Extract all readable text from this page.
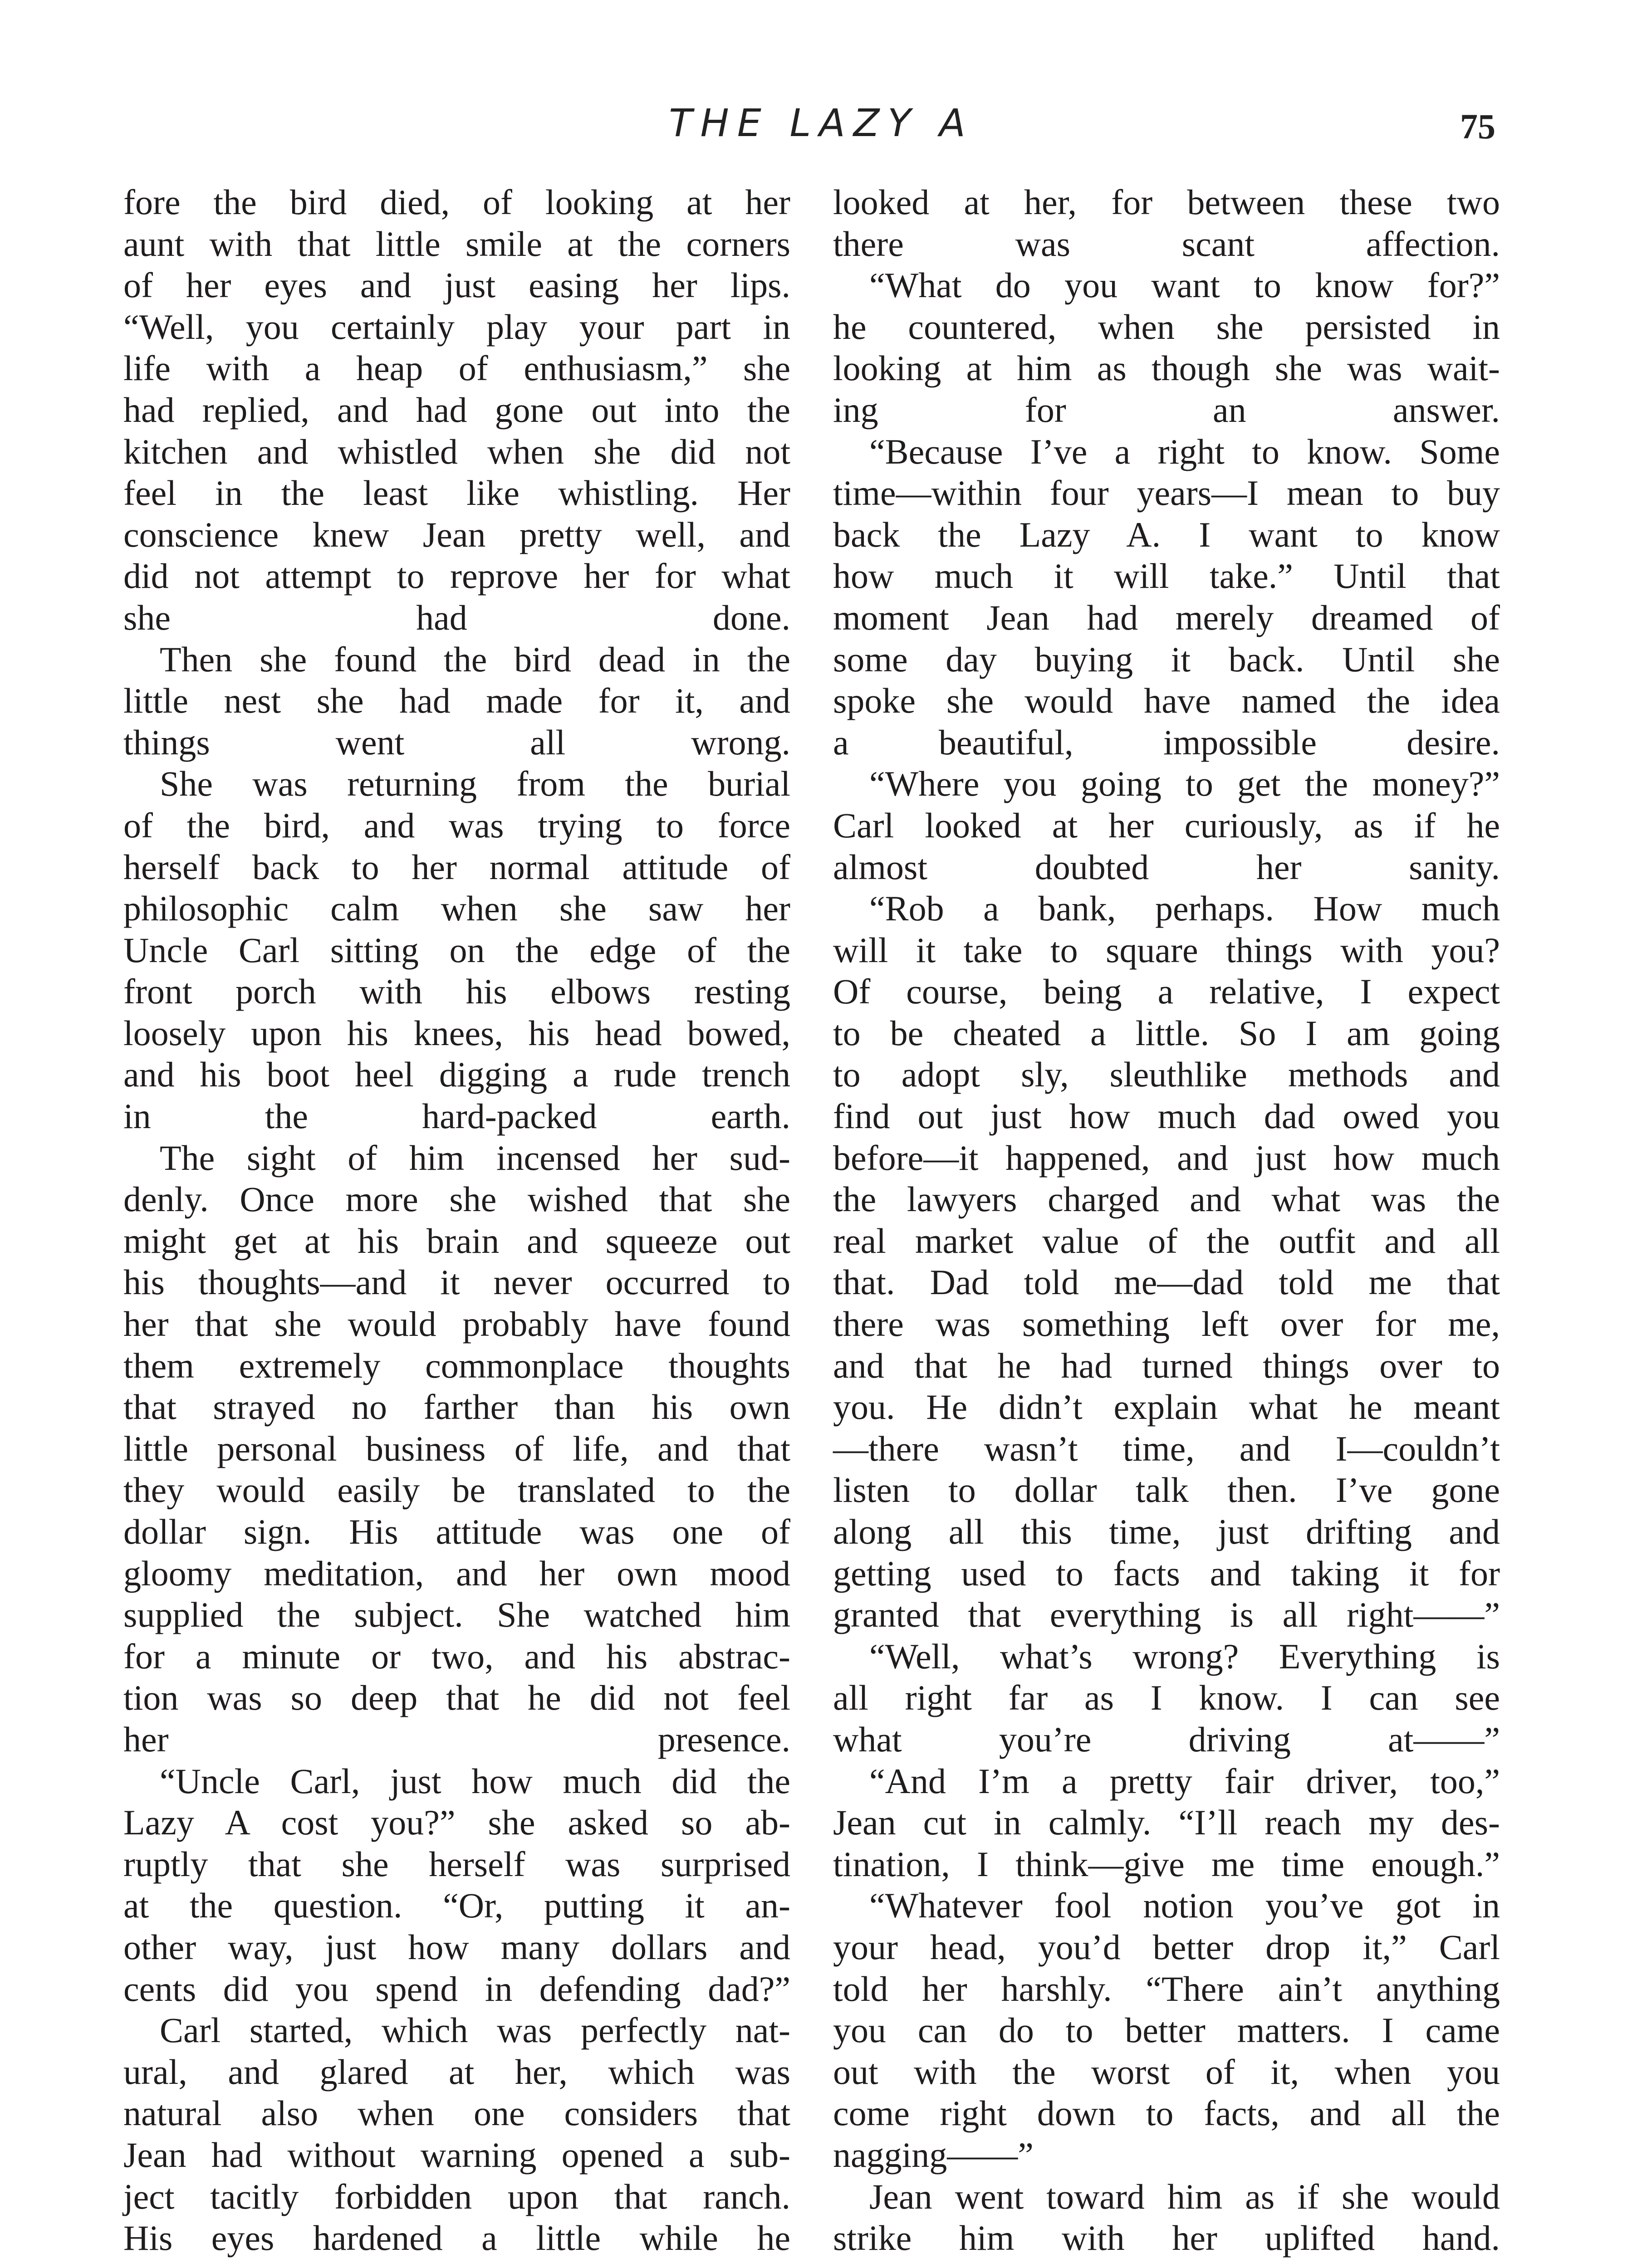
THE LAZY A	75
fore the bird died, of looking at her
aunt with that little smile at the corners
of her eyes and just easing her lips.
“Well, you certainly play your part in
life with a heap of enthusiasm,” she
had replied, and had gone out into the
kitchen and whistled when she did not
feel in the least like whistling. Her
conscience knew Jean pretty well, and
did not attempt to reprove her for what
she had done.
Then she found the bird dead in the
little nest she had made for it, and
things went all wrong.
She was returning from the burial
of the bird, and was trying to force
herself back to her normal attitude of
philosophic calm when she saw her
Uncle Carl sitting on the edge of the
front porch with his elbows resting
loosely upon his knees, his head bowed,
and his boot heel digging a rude trench
in the hard-packed earth.
The sight of him incensed her sud-
denly. Once more she wished that she
might get at his brain and squeeze out
his thoughts—and it never occurred to
her that she would probably have found
them extremely commonplace thoughts
that strayed no farther than his own
little personal business of life, and that
they would easily be translated to the
dollar sign. His attitude was one of
gloomy meditation, and her own mood
supplied the subject. She watched him
for a minute or two, and his abstrac-
tion was so deep that he did not feel
her presence.
“Uncle Carl, just how much did the
Lazy A cost you?” she asked so ab-
ruptly that she herself was surprised
at the question. “Or, putting it an-
other way, just how many dollars and
cents did you spend in defending dad?”
Carl started, which was perfectly nat-
ural, and glared at her, which was
natural also when one considers that
Jean had without warning opened a sub-
ject tacitly forbidden upon that ranch.
His eyes hardened a little while he
looked at her, for between these two
there was scant affection.
“What do you want to know for?”
he countered, when she persisted in
looking at him as though she was wait-
ing for an answer.
“Because I’ve a right to know. Some
time—within four years—I mean to buy
back the Lazy A. I want to know
how much it will take.” Until that
moment Jean had merely dreamed of
some day buying it back. Until she
spoke she would have named the idea
a beautiful, impossible desire.
“Where you going to get the money?”
Carl looked at her curiously, as if he
almost doubted her sanity.
“Rob a bank, perhaps. How much
will it take to square things with you?
Of course, being a relative, I expect
to be cheated a little. So I am going
to adopt sly, sleuthlike methods and
find out just how much dad owed you
before—it happened, and just how much
the lawyers charged and what was the
real market value of the outfit and all
that. Dad told me—dad told me that
there was something left over for me,
and that he had turned things over to
you. He didn’t explain what he meant
—there wasn’t time, and I—couldn’t
listen to dollar talk then. I’ve gone
along all this time, just drifting and
getting used to facts and taking it for
granted that everything is all right——”
“Well, what’s wrong? Everything is
all right far as I know. I can see
what you’re driving at——”
“And I’m a pretty fair driver, too,”
Jean cut in calmly. “I’ll reach my des-
tination, I think—give me time enough.”
“Whatever fool notion you’ve got in
your head, you’d better drop it,” Carl
told her harshly. “There ain’t anything
you can do to better matters. I came
out with the worst of it, when you
come right down to facts, and all the
nagging——”
Jean went toward him as if she would
strike him with her uplifted hand.
